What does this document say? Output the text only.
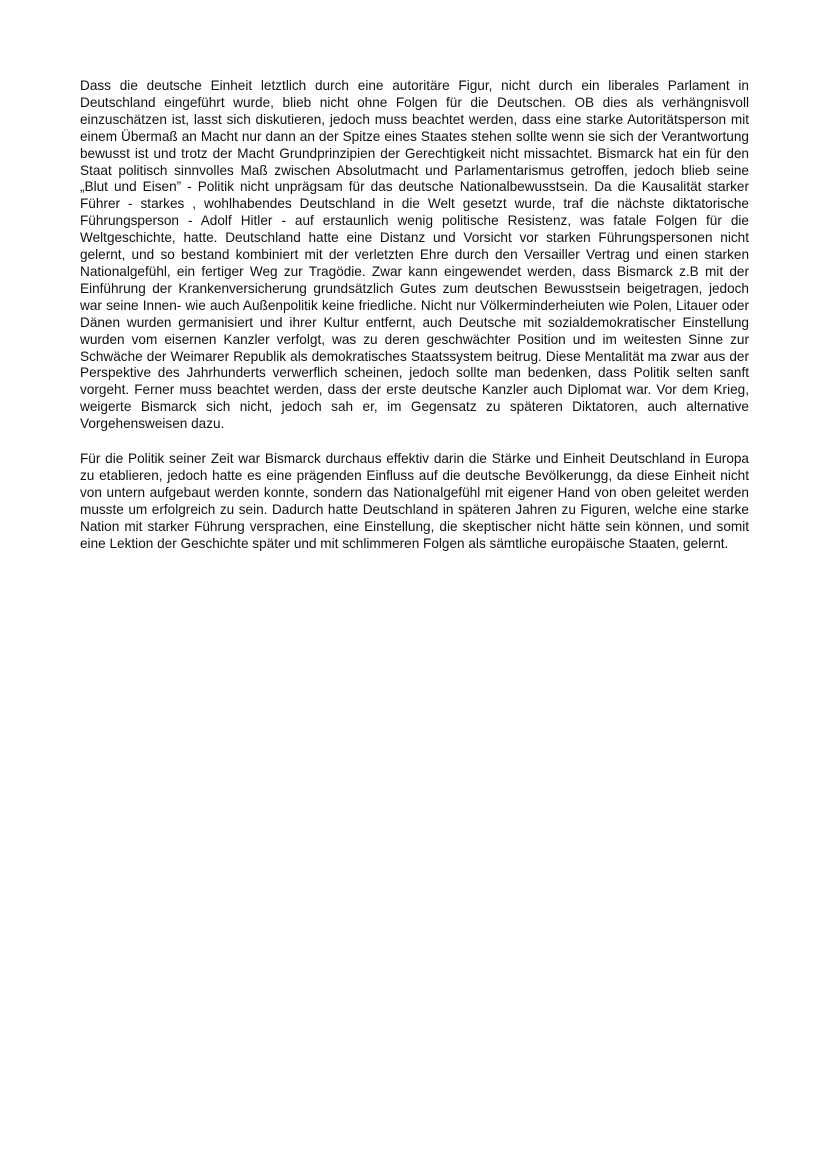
Dass die deutsche Einheit letztlich durch eine autoritäre Figur, nicht durch ein liberales Parlament in Deutschland eingeführt wurde, blieb nicht ohne Folgen für die Deutschen. OB dies als verhängnisvoll einzuschätzen ist, lasst sich diskutieren, jedoch muss beachtet werden, dass eine starke Autoritätsperson mit einem Übermaß an Macht nur dann an der Spitze eines Staates stehen sollte wenn sie sich der Verantwortung bewusst ist und trotz der Macht Grundprinzipien der Gerechtigkeit nicht missachtet. Bismarck hat ein für den Staat politisch sinnvolles Maß zwischen Absolutmacht und Parlamentarismus getroffen, jedoch blieb seine „Blut und Eisen” - Politik nicht unprägsam für das deutsche Nationalbewusstsein. Da die Kausalität starker Führer - starkes , wohlhabendes Deutschland in die Welt gesetzt wurde, traf die nächste diktatorische Führungsperson - Adolf Hitler - auf erstaunlich wenig politische Resistenz, was fatale Folgen für die Weltgeschichte, hatte. Deutschland hatte eine Distanz und Vorsicht vor starken Führungspersonen nicht gelernt, und so bestand kombiniert mit der verletzten Ehre durch den Versailler Vertrag und einen starken Nationalgefühl, ein fertiger Weg zur Tragödie. Zwar kann eingewendet werden, dass Bismarck z.B mit der Einführung der Krankenversicherung grundsätzlich Gutes zum deutschen Bewusstsein beigetragen, jedoch war seine Innen- wie auch Außenpolitik keine friedliche. Nicht nur Völkerminderheiuten wie Polen, Litauer oder Dänen wurden germanisiert und ihrer Kultur entfernt, auch Deutsche mit sozialdemokratischer Einstellung wurden vom eisernen Kanzler verfolgt, was zu deren geschwächter Position und im weitesten Sinne zur Schwäche der Weimarer Republik als demokratisches Staatssystem beitrug. Diese Mentalität ma zwar aus der Perspektive des Jahrhunderts verwerflich scheinen, jedoch sollte man bedenken, dass Politik selten sanft vorgeht. Ferner muss beachtet werden, dass der erste deutsche Kanzler auch Diplomat war. Vor dem Krieg, weigerte Bismarck sich nicht, jedoch sah er, im Gegensatz zu späteren Diktatoren, auch alternative Vorgehensweisen dazu.

Für die Politik seiner Zeit war Bismarck durchaus effektiv darin die Stärke und Einheit Deutschland in Europa zu etablieren, jedoch hatte es eine prägenden Einfluss auf die deutsche Bevölkerungg, da diese Einheit nicht von untern aufgebaut werden konnte, sondern das Nationalgefühl mit eigener Hand von oben geleitet werden musste um erfolgreich zu sein. Dadurch hatte Deutschland in späteren Jahren zu Figuren, welche eine starke Nation mit starker Führung versprachen, eine Einstellung, die skeptischer nicht hätte sein können, und somit eine Lektion der Geschichte später und mit schlimmeren Folgen als sämtliche europäische Staaten, gelernt.
